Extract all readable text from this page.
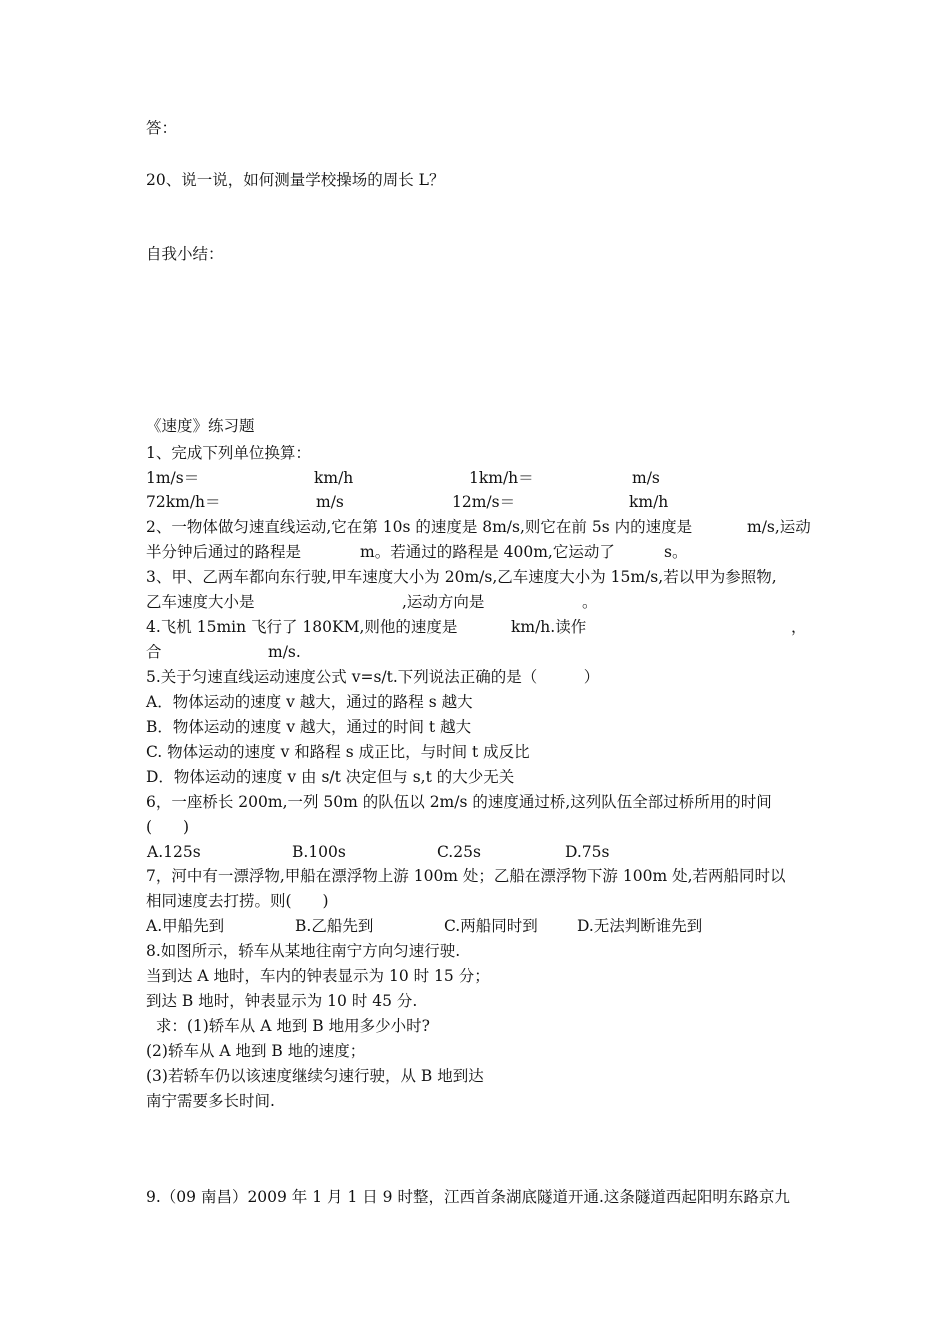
答：
20、说一说，如何测量学校操场的周长 L？
自我小结：
《速度》练习题
1、完成下列单位换算：
1m/s＝	km/h	1km/h＝	m/s
72km/h＝	m/s	12m/s＝	km/h
2、一物体做匀速直线运动,它在第 10s 的速度是 8m/s,则它在前 5s 内的速度是	m/s,运动
半分钟后通过的路程是	m。若通过的路程是 400m,它运动了	s。
3、甲、乙两车都向东行驶,甲车速度大小为 20m/s,乙车速度大小为 15m/s,若以甲为参照物,
乙车速度大小是	,运动方向是	。
4.飞机 15min 飞行了 180KM,则他的速度是	km/h.读作	，
合	m/s.
5.关于匀速直线运动速度公式 v=s/t.下列说法正确的是（　　　）
A．物体运动的速度 v 越大，通过的路程 s 越大
B．物体运动的速度 v 越大，通过的时间 t 越大
C. 物体运动的速度 v 和路程 s 成正比，与时间 t 成反比
D．物体运动的速度 v 由 s/t 决定但与 s,t 的大少无关
6，一座桥长 200m,一列 50m 的队伍以 2m/s 的速度通过桥,这列队伍全部过桥所用的时间
(　　)
A.125s	B.100s	C.25s	D.75s
7，河中有一漂浮物,甲船在漂浮物上游 100m 处；乙船在漂浮物下游 100m 处,若两船同时以
相同速度去打捞。则(　　)
A.甲船先到	B.乙船先到	C.两船同时到	D.无法判断谁先到
8.如图所示，轿车从某地往南宁方向匀速行驶.
当到达 A 地时，车内的钟表显示为 10 时 15 分；
到达 B 地时，钟表显示为 10 时 45 分.
求：(1)轿车从 A 地到 B 地用多少小时?
(2)轿车从 A 地到 B 地的速度；
(3)若轿车仍以该速度继续匀速行驶，从 B 地到达
南宁需要多长时间.
9.（09 南昌）2009 年 1 月 1 日 9 时整，江西首条湖底隧道开通.这条隧道西起阳明东路京九
